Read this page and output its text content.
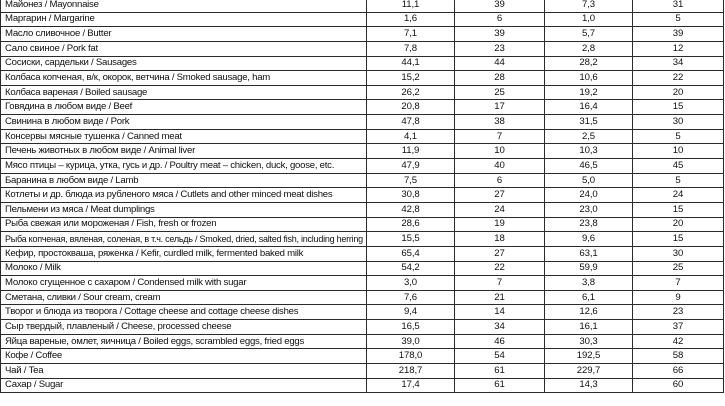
Майонез / Mayonnaise	11,1	39	7,3	31
Маргарин / Margarine	1,6	6	1,0	5
Масло сливочное / Butter	7,1	39	5,7	39
Сало свиное / Pork fat	7,8	23	2,8	12
Сосиски, сардельки / Sausages	44,1	44	28,2	34
Колбаса копченая, в/к, окорок, ветчина / Smoked sausage, ham	15,2	28	10,6	22
Колбаса вареная / Boiled sausage	26,2	25	19,2	20
Говядина в любом виде / Beef	20,8	17	16,4	15
Свинина в любом виде / Pork	47,8	38	31,5	30
Консервы мясные тушенка / Canned meat	4,1	7	2,5	5
Печень животных в любом виде / Animal liver	11,9	10	10,3	10
Мясо птицы – курица, утка, гусь и др. / Poultry meat – chicken, duck, goose, etc.	47,9	40	46,5	45
Баранина в любом виде / Lamb	7,5	6	5,0	5
Котлеты и др. блюда из рубленого мяса / Cutlets and other minced meat dishes	30,8	27	24,0	24
Пельмени из мяса / Meat dumplings	42,8	24	23,0	15
Рыба свежая или мороженая / Fish, fresh or frozen	28,6	19	23,8	20
Рыба копченая, вяленая, соленая, в т.ч. сельдь / Smoked, dried, salted fish, including herring	15,5	18	9,6	15
Кефир, простокваша, ряженка / Kefir, curdled milk, fermented baked milk	65,4	27	63,1	30
Молоко / Milk	54,2	22	59,9	25
Молоко сгущенное с сахаром / Condensed milk with sugar	3,0	7	3,8	7
Сметана, сливки / Sour cream, cream	7,6	21	6,1	9
Творог и блюда из творога / Cottage cheese and cottage cheese dishes	9,4	14	12,6	23
Сыр твердый, плавленый / Cheese, processed cheese	16,5	34	16,1	37
Яйца вареные, омлет, яичница / Boiled eggs, scrambled eggs, fried eggs	39,0	46	30,3	42
Кофе / Coffee	178,0	54	192,5	58
Чай / Tea	218,7	61	229,7	66
Сахар / Sugar	17,4	61	14,3	60
